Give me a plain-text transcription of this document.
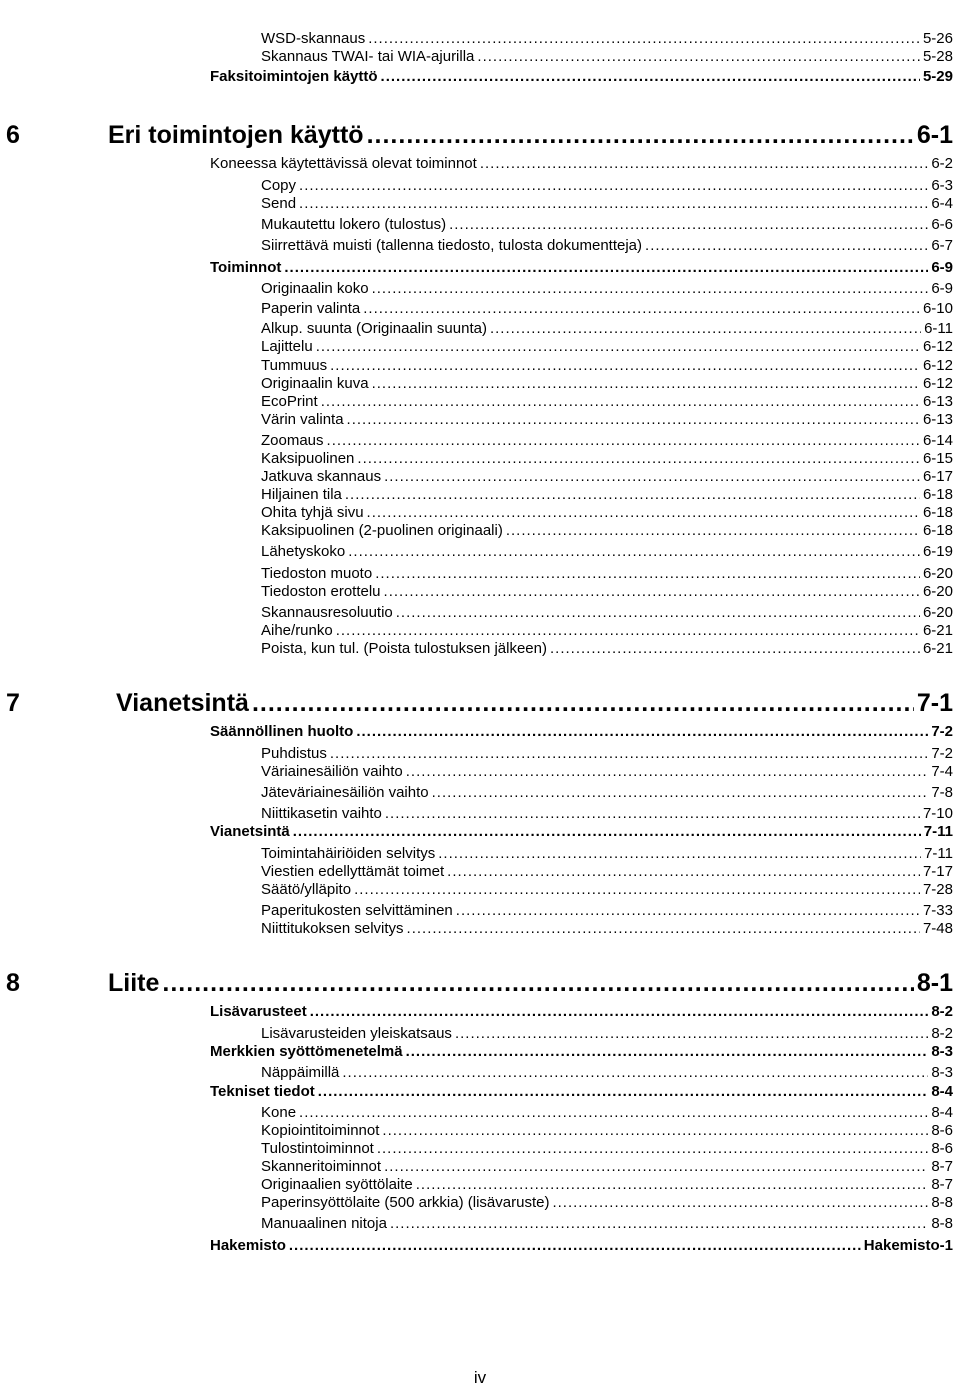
WSD-skannaus .....	5-26
Skannaus TWAI- tai WIA-ajurilla .....	5-28
Faksitoimintojen käyttö .....	5-29
6	Eri toimintojen käyttö .....	6-1
Koneessa käytettävissä olevat toiminnot .....	6-2
Copy .....	6-3
Send .....	6-4
Mukautettu lokero (tulostus) .....	6-6
Siirrettävä muisti (tallenna tiedosto, tulosta dokumentteja) .....	6-7
Toiminnot .....	6-9
Originaalin koko .....	6-9
Paperin valinta .....	6-10
Alkup. suunta (Originaalin suunta) .....	6-11
Lajittelu .....	6-12
Tummuus .....	6-12
Originaalin kuva .....	6-12
EcoPrint .....	6-13
Värin valinta .....	6-13
Zoomaus .....	6-14
Kaksipuolinen .....	6-15
Jatkuva skannaus .....	6-17
Hiljainen tila .....	6-18
Ohita tyhjä sivu .....	6-18
Kaksipuolinen (2-puolinen originaali) .....	6-18
Lähetyskoko .....	6-19
Tiedoston muoto .....	6-20
Tiedoston erottelu .....	6-20
Skannausresoluutio .....	6-20
Aihe/runko .....	6-21
Poista, kun tul. (Poista tulostuksen jälkeen) .....	6-21
7	Vianetsintä .....	7-1
Säännöllinen huolto .....	7-2
Puhdistus .....	7-2
Väriainesäiliön vaihto .....	7-4
Jäteväriainesäiliön vaihto .....	7-8
Niittikasetin vaihto .....	7-10
Vianetsintä .....	7-11
Toimintahäiriöiden selvitys .....	7-11
Viestien edellyttämät toimet .....	7-17
Säätö/ylläpito .....	7-28
Paperitukosten selvittäminen .....	7-33
Niittitukoksen selvitys .....	7-48
8	Liite .....	8-1
Lisävarusteet .....	8-2
Lisävarusteiden yleiskatsaus .....	8-2
Merkkien syöttömenetelmä .....	8-3
Näppäimillä .....	8-3
Tekniset tiedot .....	8-4
Kone .....	8-4
Kopiointitoiminnot .....	8-6
Tulostintoiminnot .....	8-6
Skanneritoiminnot .....	8-7
Originaalien syöttölaite .....	8-7
Paperinsyöttölaite (500 arkkia) (lisävaruste) .....	8-8
Manuaalinen nitoja .....	8-8
Hakemisto .....	Hakemisto-1
iv
